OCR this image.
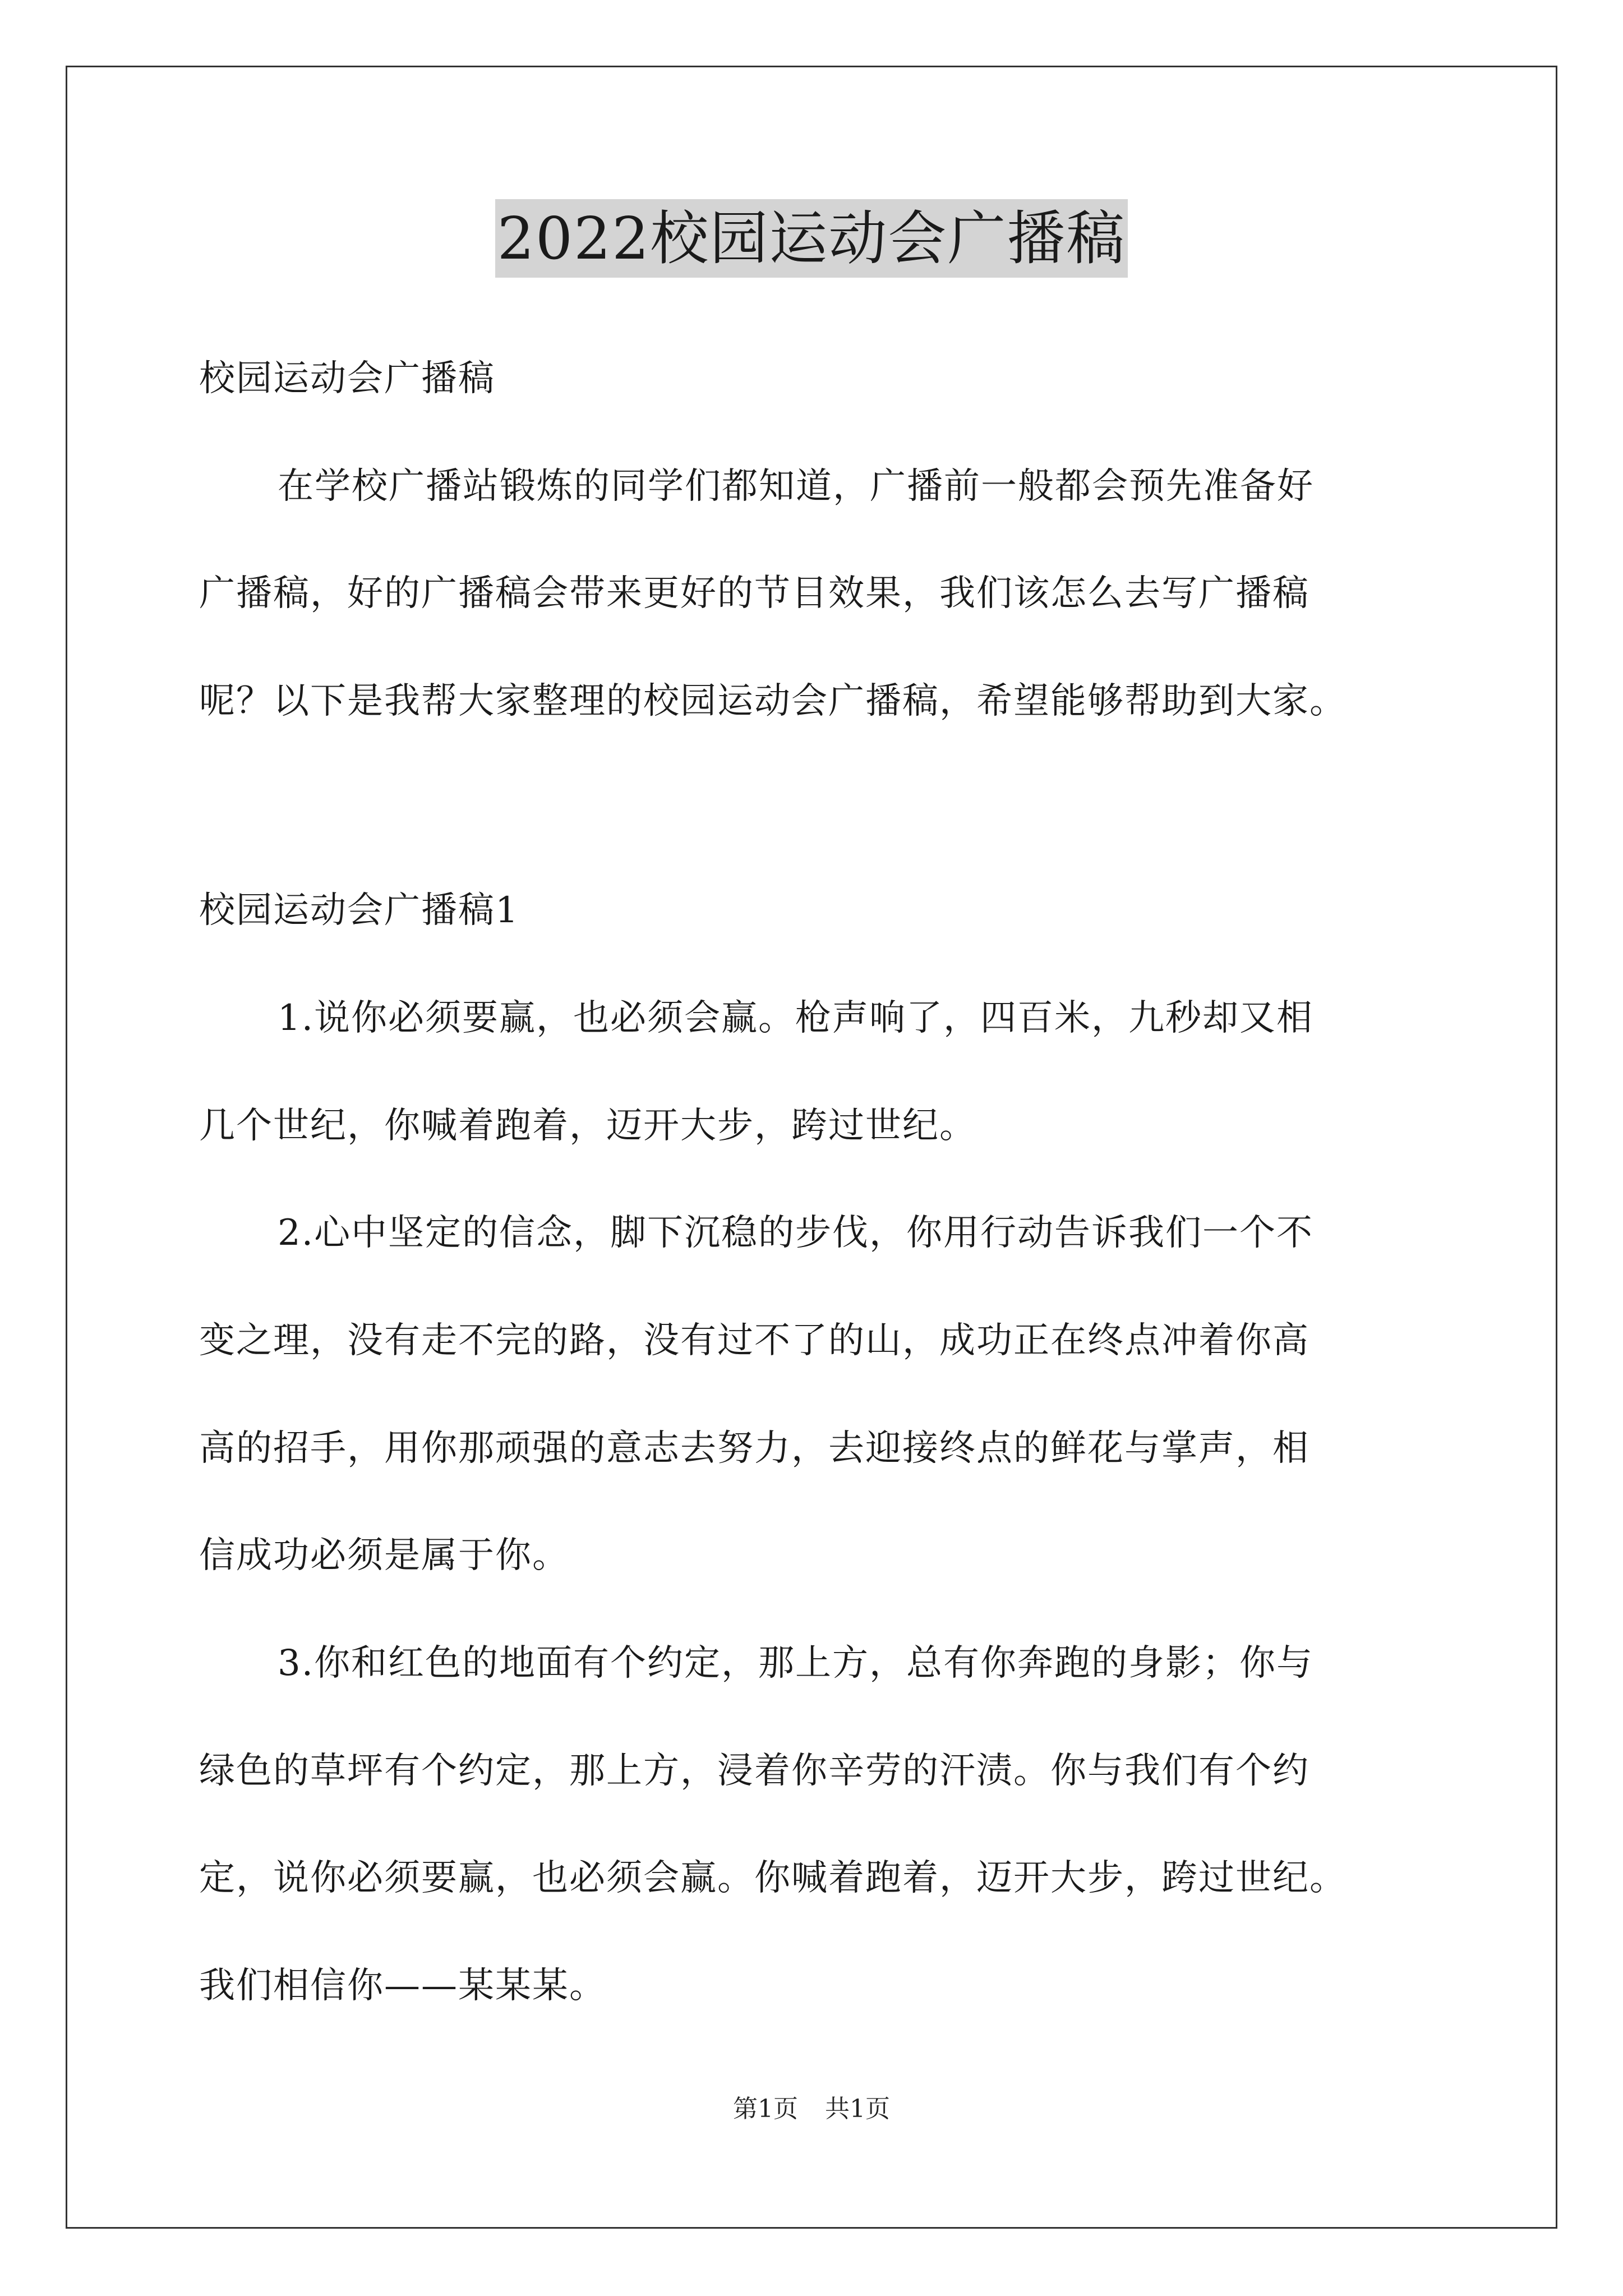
2022校园运动会广播稿
校园运动会广播稿
在学校广播站锻炼的同学们都知道，广播前一般都会预先准备好
广播稿，好的广播稿会带来更好的节目效果，我们该怎么去写广播稿
呢？以下是我帮大家整理的校园运动会广播稿，希望能够帮助到大家。
校园运动会广播稿1
1.说你必须要赢，也必须会赢。枪声响了，四百米，九秒却又相
几个世纪，你喊着跑着，迈开大步，跨过世纪。
2.心中坚定的信念，脚下沉稳的步伐，你用行动告诉我们一个不
变之理，没有走不完的路，没有过不了的山，成功正在终点冲着你高
高的招手，用你那顽强的意志去努力，去迎接终点的鲜花与掌声，相
信成功必须是属于你。
3.你和红色的地面有个约定，那上方，总有你奔跑的身影；你与
绿色的草坪有个约定，那上方，浸着你辛劳的汗渍。你与我们有个约
定，说你必须要赢，也必须会赢。你喊着跑着，迈开大步，跨过世纪。
我们相信你——某某某。
第1页 共1页
